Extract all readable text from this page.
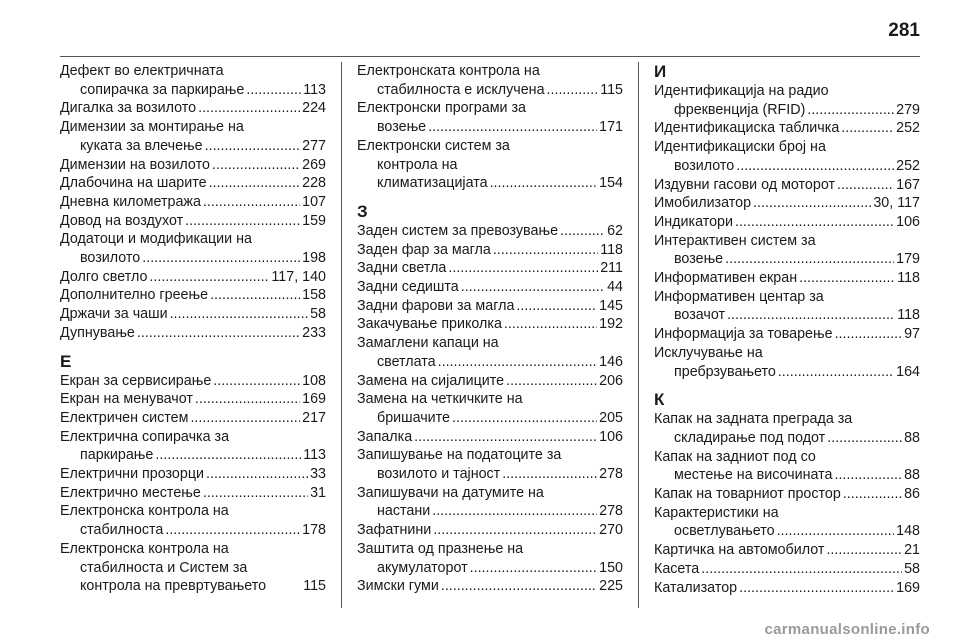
281
Дефект во електричната
сопирачка за паркирање .....	113
Дигалка за возилото .....	224
Димензии за монтирање на
куката за влечење .....	277
Димензии на возилото .....	269
Длабочина на шарите .....	228
Дневна километража .....	107
Довод на воздухот .....	159
Додатоци и модификации на
возилото .....	198
Долго светло .....	117, 140
Дополнително греење .....	158
Држачи за чаши .....	58
Дупнување .....	233
Е
Екран за сервисирање .....	108
Екран на менувачот .....	169
Електричен систем .....	217
Електрична сопирачка за
паркирање .....	113
Електрични прозорци .....	33
Електрично местење .....	31
Електронска контрола на
стабилноста .....	178
Електронска контрола на
стабилноста и Систем за
контрола на превртувањето	115
Електронската контрола на
стабилноста е исклучена .....	115
Електронски програми за
возење .....	171
Електронски систем за
контрола на
климатизацијата .....	154
З
Заден систем за превозување .....	62
Заден фар за магла .....	118
Задни светла .....	211
Задни седишта .....	44
Задни фарови за магла .....	145
Закачување приколка .....	192
Замаглени капаци на
светлата .....	146
Замена на сијалиците .....	206
Замена на четкичките на
бришачите .....	205
Запалка .....	106
Запишување на податоците за
возилото и тајност .....	278
Запишувачи на датумите на
настани .....	278
Зафатнини .....	270
Заштита од празнење на
акумулаторот .....	150
Зимски гуми .....	225
И
Идентификација на радио
фреквенција (RFID) .....	279
Идентификациска табличка .....	252
Идентификациски број на
возилото .....	252
Издувни гасови од моторот .....	167
Имобилизатор .....	30, 117
Индикатори .....	106
Интерактивен систем за
возење .....	179
Информативен екран .....	118
Информативен центар за
возачот .....	118
Информација за товарење .....	97
Исклучување на
пребрзувањето .....	164
К
Капак на задната преграда за
складирање под подот .....	88
Капак на задниот под со
местење на височината .....	88
Капак на товарниот простор .....	86
Карактеристики на
осветлувањето .....	148
Картичка на автомобилот .....	21
Касета .....	58
Катализатор .....	169
carmanualsonline.info
